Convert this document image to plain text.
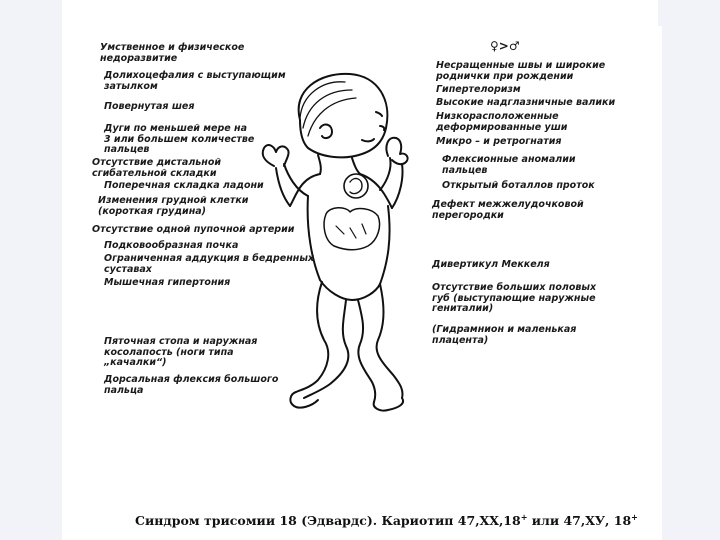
Умственное и физическое
недоразвитие
Долихоцефалия с выступающим
затылком
Повернутая шея
Дуги по меньшей мере на
3 или большем количестве
пальцев
Отсутствие дистальной
сгибательной складки
Поперечная складка ладони
Изменения грудной клетки
(короткая грудина)
Отсутствие одной пупочной артерии
Подковообразная почка
Ограниченная аддукция в бедренных
суставах
Мышечная гипертония
Пяточная стопа и наружная
косолапость (ноги типа
„качалки“)
Дорсальная флексия большого
пальца
♀>♂
Несращенные швы и широкие
роднички при рождении
Гипертелоризм
Высокие надглазничные валики
Низкорасположенные
деформированные уши
Микро – и ретрогнатия
Флексионные аномалии
пальцев
Открытый боталлов проток
Дефект межжелудочковой
перегородки
Дивертикул Меккеля
Отсутствие больших половых
губ (выступающие наружные
гениталии)
(Гидрамнион и маленькая
плацента)
Синдром трисомии 18 (Эдвардс). Кариотип 47,ХХ,18+ или 47,ХУ, 18+
